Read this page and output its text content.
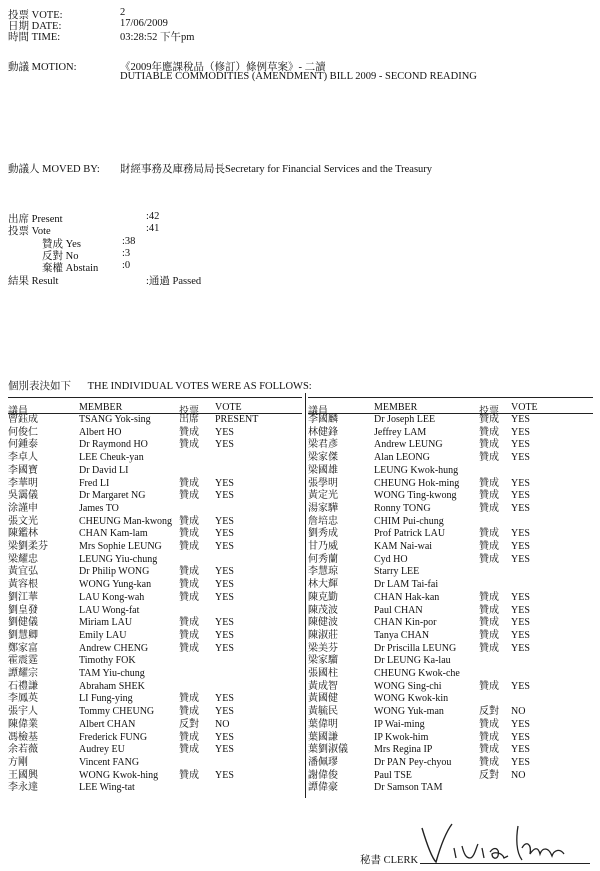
投票 VOTE:	2
日期 DATE:	17/06/2009
時間 TIME:	03:28:52 下午pm
動議 MOTION:	《2009年應課稅品（修訂）條例草案》- 二讀
DUTIABLE COMMODITIES (AMENDMENT) BILL 2009 - SECOND READING
動議人 MOVED BY: 財經事務及庫務局局長Secretary for Financial Services and the Treasury
出席 Present	:42
投票 Vote	:41
贊成 Yes	:38
反對 No	:3
棄權 Abstain :0
結果 Result	:通過 Passed
個別表決如下 THE INDIVIDUAL VOTES WERE AS FOLLOWS:
議員	MEMBER	投票 VOTE	議員	MEMBER	投票 VOTE
曾鈺成	TSANG Yok-sing	出席 PRESENT
何俊仁	Albert HO	贊成 YES
何鍾泰	Dr Raymond HO	贊成 YES
李卓人	LEE Cheuk-yan
李國寶	Dr David LI
李華明	Fred LI	贊成 YES
吳靄儀	Dr Margaret NG	贊成 YES
涂謹申	James TO
張文光	CHEUNG Man-kwong 贊成 YES
陳鑑林	CHAN Kam-lam	贊成 YES
梁劉柔芬	Mrs Sophie LEUNG 贊成 YES
梁耀忠	LEUNG Yiu-chung
黃宜弘	Dr Philip WONG	贊成 YES
黃容根	WONG Yung-kan	贊成 YES
劉江華	LAU Kong-wah	贊成 YES
劉皇發	LAU Wong-fat
劉健儀	Miriam LAU	贊成 YES
劉慧卿	Emily LAU	贊成 YES
鄭家富	Andrew CHENG	贊成 YES
霍震霆	Timothy FOK
譚耀宗	TAM Yiu-chung
石禮謙	Abraham SHEK
李鳳英	LI Fung-ying	贊成 YES
張宇人	Tommy CHEUNG 贊成 YES
陳偉業	Albert CHAN	反對 NO
馮檢基	Frederick FUNG	贊成 YES
余若薇	Audrey EU	贊成 YES
方剛	Vincent FANG
王國興	WONG Kwok-hing 贊成 YES
李永達	LEE Wing-tat
李國麟	Dr Joseph LEE	贊成 YES
林健鋒	Jeffrey LAM	贊成 YES
梁君彥	Andrew LEUNG	贊成 YES
梁家傑	Alan LEONG	贊成 YES
梁國雄	LEUNG Kwok-hung
張學明	CHEUNG Hok-ming 贊成 YES
黃定光	WONG Ting-kwong 贊成 YES
湯家驊	Ronny TONG	贊成 YES
詹培忠	CHIM Pui-chung
劉秀成	Prof Patrick LAU	贊成 YES
甘乃威	KAM Nai-wai	贊成 YES
何秀蘭	Cyd HO	贊成 YES
李慧琼	Starry LEE
林大輝	Dr LAM Tai-fai
陳克勤	CHAN Hak-kan	贊成 YES
陳茂波	Paul CHAN	贊成 YES
陳健波	CHAN Kin-por	贊成 YES
陳淑莊	Tanya CHAN	贊成 YES
梁美芬	Dr Priscilla LEUNG 贊成 YES
梁家騮	Dr LEUNG Ka-lau
張國柱	CHEUNG Kwok-che
黃成智	WONG Sing-chi	贊成 YES
黃國健	WONG Kwok-kin
黃毓民	WONG Yuk-man	反對 NO
葉偉明	IP Wai-ming	贊成 YES
葉國謙	IP Kwok-him	贊成 YES
葉劉淑儀	Mrs Regina IP	贊成 YES
潘佩璆	Dr PAN Pey-chyou	贊成 YES
謝偉俊	Paul TSE	反對 NO
譚偉豪	Dr Samson TAM
秘書 CLERK
